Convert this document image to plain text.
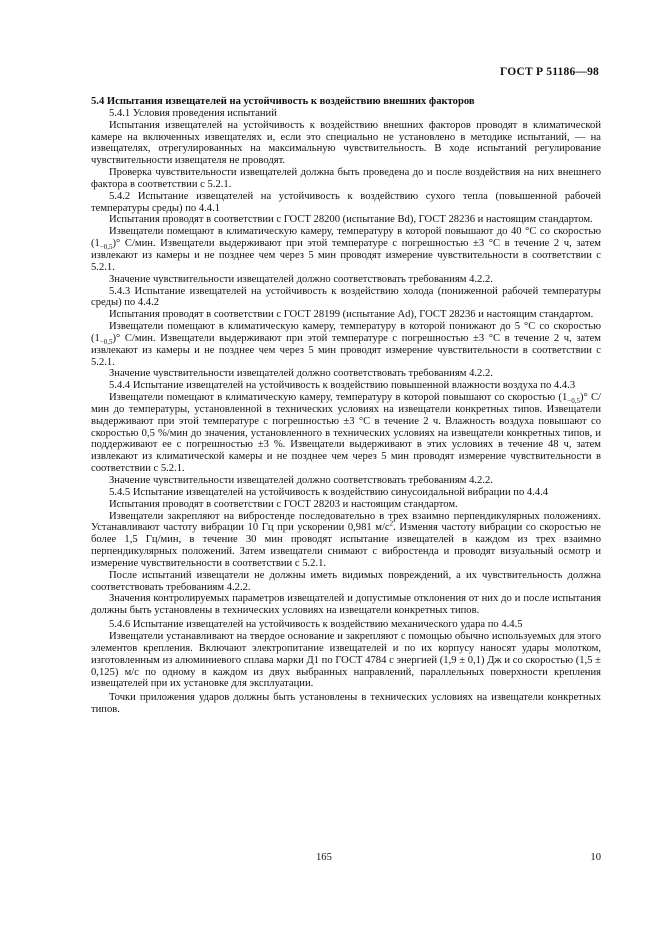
ГОСТ Р 51186—98

5.4 Испытания извещателей на устойчивость к воздействию внешних факторов

5.4.1 Условия проведения испытаний

Испытания извещателей на устойчивость к воздействию внешних факторов проводят в климатической камере на включенных извещателях и, если это специально не установлено в методике испытаний, — на извещателях, отрегулированных на максимальную чувствительность. В ходе испытаний регулирование чувствительности извещателя не проводят.

Проверка чувствительности извещателей должна быть проведена до и после воздействия на них внешнего фактора в соответствии с 5.2.1.

5.4.2 Испытание извещателей на устойчивость к воздействию сухого тепла (повышенной рабочей температуры среды) по 4.4.1

Испытания проводят в соответствии с ГОСТ 28200 (испытание Bd), ГОСТ 28236 и настоящим стандартом.

Извещатели помещают в климатическую камеру, температуру в которой повышают до 40 °С со скоростью $(1_{-0,5})^\circ$ С/мин. Извещатели выдерживают при этой температуре с погрешностью ±3 °С в течение 2 ч, затем извлекают из камеры и не позднее чем через 5 мин проводят измерение чувствительности в соответствии с 5.2.1.

Значение чувствительности извещателей должно соответствовать требованиям 4.2.2.

5.4.3 Испытание извещателей на устойчивость к воздействию холода (пониженной рабочей температуры среды) по 4.4.2

Испытания проводят в соответствии с ГОСТ 28199 (испытание Ad), ГОСТ 28236 и настоящим стандартом.

Извещатели помещают в климатическую камеру, температуру в которой понижают до 5 °С со скоростью $(1_{-0,5})^\circ$ С/мин. Извещатели выдерживают при этой температуре с погрешностью ±3 °С в течение 2 ч, затем извлекают из камеры и не позднее чем через 5 мин проводят измерение чувствительности в соответствии с 5.2.1.

Значение чувствительности извещателей должно соответствовать требованиям 4.2.2.

5.4.4 Испытание извещателей на устойчивость к воздействию повышенной влажности воздуха по 4.4.3

Извещатели помещают в климатическую камеру, температуру в которой повышают со скоростью $(1_{-0,5})^\circ$ С/мин до температуры, установленной в технических условиях на извещатели конкретных типов. Извещатели выдерживают при этой температуре с погрешностью ±3 °С в течение 2 ч. Влажность воздуха повышают со скоростью 0,5 %/мин до значения, установленного в технических условиях на извещатели конкретных типов, и поддерживают ее с погрешностью ±3 %. Извещатели выдерживают в этих условиях в течение 48 ч, затем извлекают из климатической камеры и не позднее чем через 5 мин проводят измерение чувствительности в соответствии с 5.2.1.

Значение чувствительности извещателей должно соответствовать требованиям 4.2.2.

5.4.5 Испытание извещателей на устойчивость к воздействию синусоидальной вибрации по 4.4.4

Испытания проводят в соответствии с ГОСТ 28203 и настоящим стандартом.

Извещатели закрепляют на вибростенде последовательно в трех взаимно перпендикулярных положениях. Устанавливают частоту вибрации 10 Гц при ускорении 0,981 $м/с^2$. Изменяя частоту вибрации со скоростью не более 1,5 Гц/мин, в течение 30 мин проводят испытание извещателей в каждом из трех взаимно перпендикулярных положений. Затем извещатели снимают с вибростенда и проводят визуальный осмотр и измерение чувствительности в соответствии с 5.2.1.

После испытаний извещатели не должны иметь видимых повреждений, а их чувствительность должна соответствовать требованиям 4.2.2.

Значения контролируемых параметров извещателей и допустимые отклонения от них до и после испытания должны быть установлены в технических условиях на извещатели конкретных типов.

5.4.6 Испытание извещателей на устойчивость к воздействию механического удара по 4.4.5

Извещатели устанавливают на твердое основание и закрепляют с помощью обычно используемых для этого элементов крепления. Включают электропитание извещателей и по их корпусу наносят удары молотком, изготовленным из алюминиевого сплава марки Д1 по ГОСТ 4784 с энергией (1,9 ± 0,1) Дж и со скоростью (1,5 ± 0,125) м/с по одному в каждом из двух выбранных направлений, параллельных поверхности крепления извещателей при их установке для эксплуатации.

Точки приложения ударов должны быть установлены в технических условиях на извещатели конкретных типов.

165	10
